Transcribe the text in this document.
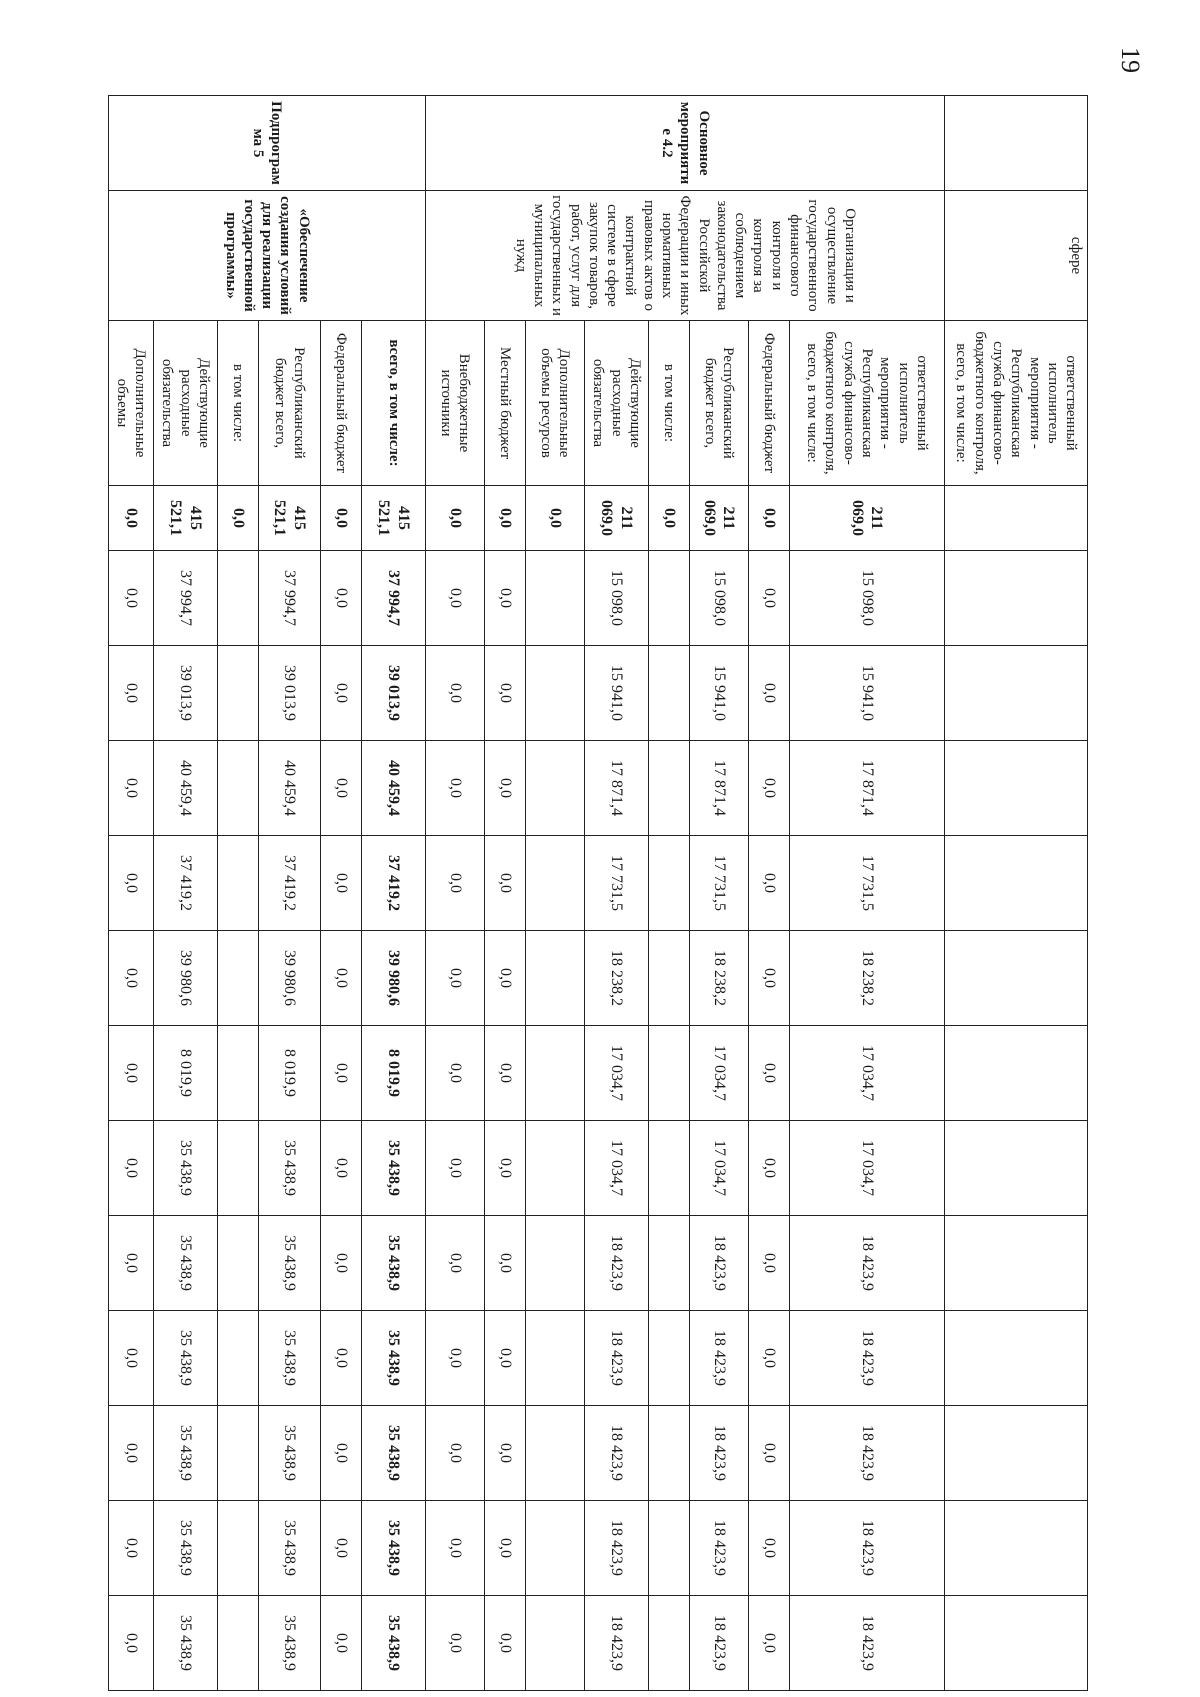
19
	сфере	ответственный исполнитель мероприятия - Республиканская служба финансово-бюджетного контроля, всего, в том числе:													
Основное мероприятие 4.2	Организация и осуществление государственного финансового контроля и контроля за соблюдением законодательства Российской Федерации и иных нормативных правовых актов о контрактной системе в сфере закупок товаров, работ, услуг для государственных и муниципальных нужд	ответственный исполнитель мероприятия - Республиканская служба финансово-бюджетного контроля, всего, в том числе:	211 069,0	15 098,0	15 941,0	17 871,4	17 731,5	18 238,2	17 034,7	17 034,7	18 423,9	18 423,9	18 423,9	18 423,9	18 423,9
		Федеральный бюджет	0,0	0,0	0,0	0,0	0,0	0,0	0,0	0,0	0,0	0,0	0,0	0,0	0,0
		Республиканский бюджет всего,	211 069,0	15 098,0	15 941,0	17 871,4	17 731,5	18 238,2	17 034,7	17 034,7	18 423,9	18 423,9	18 423,9	18 423,9	18 423,9
		в том числе:	0,0												
		Действующие расходные обязательства	211 069,0	15 098,0	15 941,0	17 871,4	17 731,5	18 238,2	17 034,7	17 034,7	18 423,9	18 423,9	18 423,9	18 423,9	18 423,9
		Дополнительные объемы ресурсов	0,0												
		Местный бюджет	0,0	0,0	0,0	0,0	0,0	0,0	0,0	0,0	0,0	0,0	0,0	0,0	0,0
		Внебюджетные источники	0,0	0,0	0,0	0,0	0,0	0,0	0,0	0,0	0,0	0,0	0,0	0,0	0,0
Подпрограмма 5	«Обеспечение создания условий для реализации государственной программы»	всего, в том числе:	415 521,1	37 994,7	39 013,9	40 459,4	37 419,2	39 980,6	8 019,9	35 438,9	35 438,9	35 438,9	35 438,9	35 438,9	35 438,9
		Федеральный бюджет	0,0	0,0	0,0	0,0	0,0	0,0	0,0	0,0	0,0	0,0	0,0	0,0	0,0
		Республиканский бюджет всего,	415 521,1	37 994,7	39 013,9	40 459,4	37 419,2	39 980,6	8 019,9	35 438,9	35 438,9	35 438,9	35 438,9	35 438,9	35 438,9
		в том числе:	0,0												
		Действующие расходные обязательства	415 521,1	37 994,7	39 013,9	40 459,4	37 419,2	39 980,6	8 019,9	35 438,9	35 438,9	35 438,9	35 438,9	35 438,9	35 438,9
		Дополнительные объемы	0,0	0,0	0,0	0,0	0,0	0,0	0,0	0,0	0,0	0,0	0,0	0,0	0,0
